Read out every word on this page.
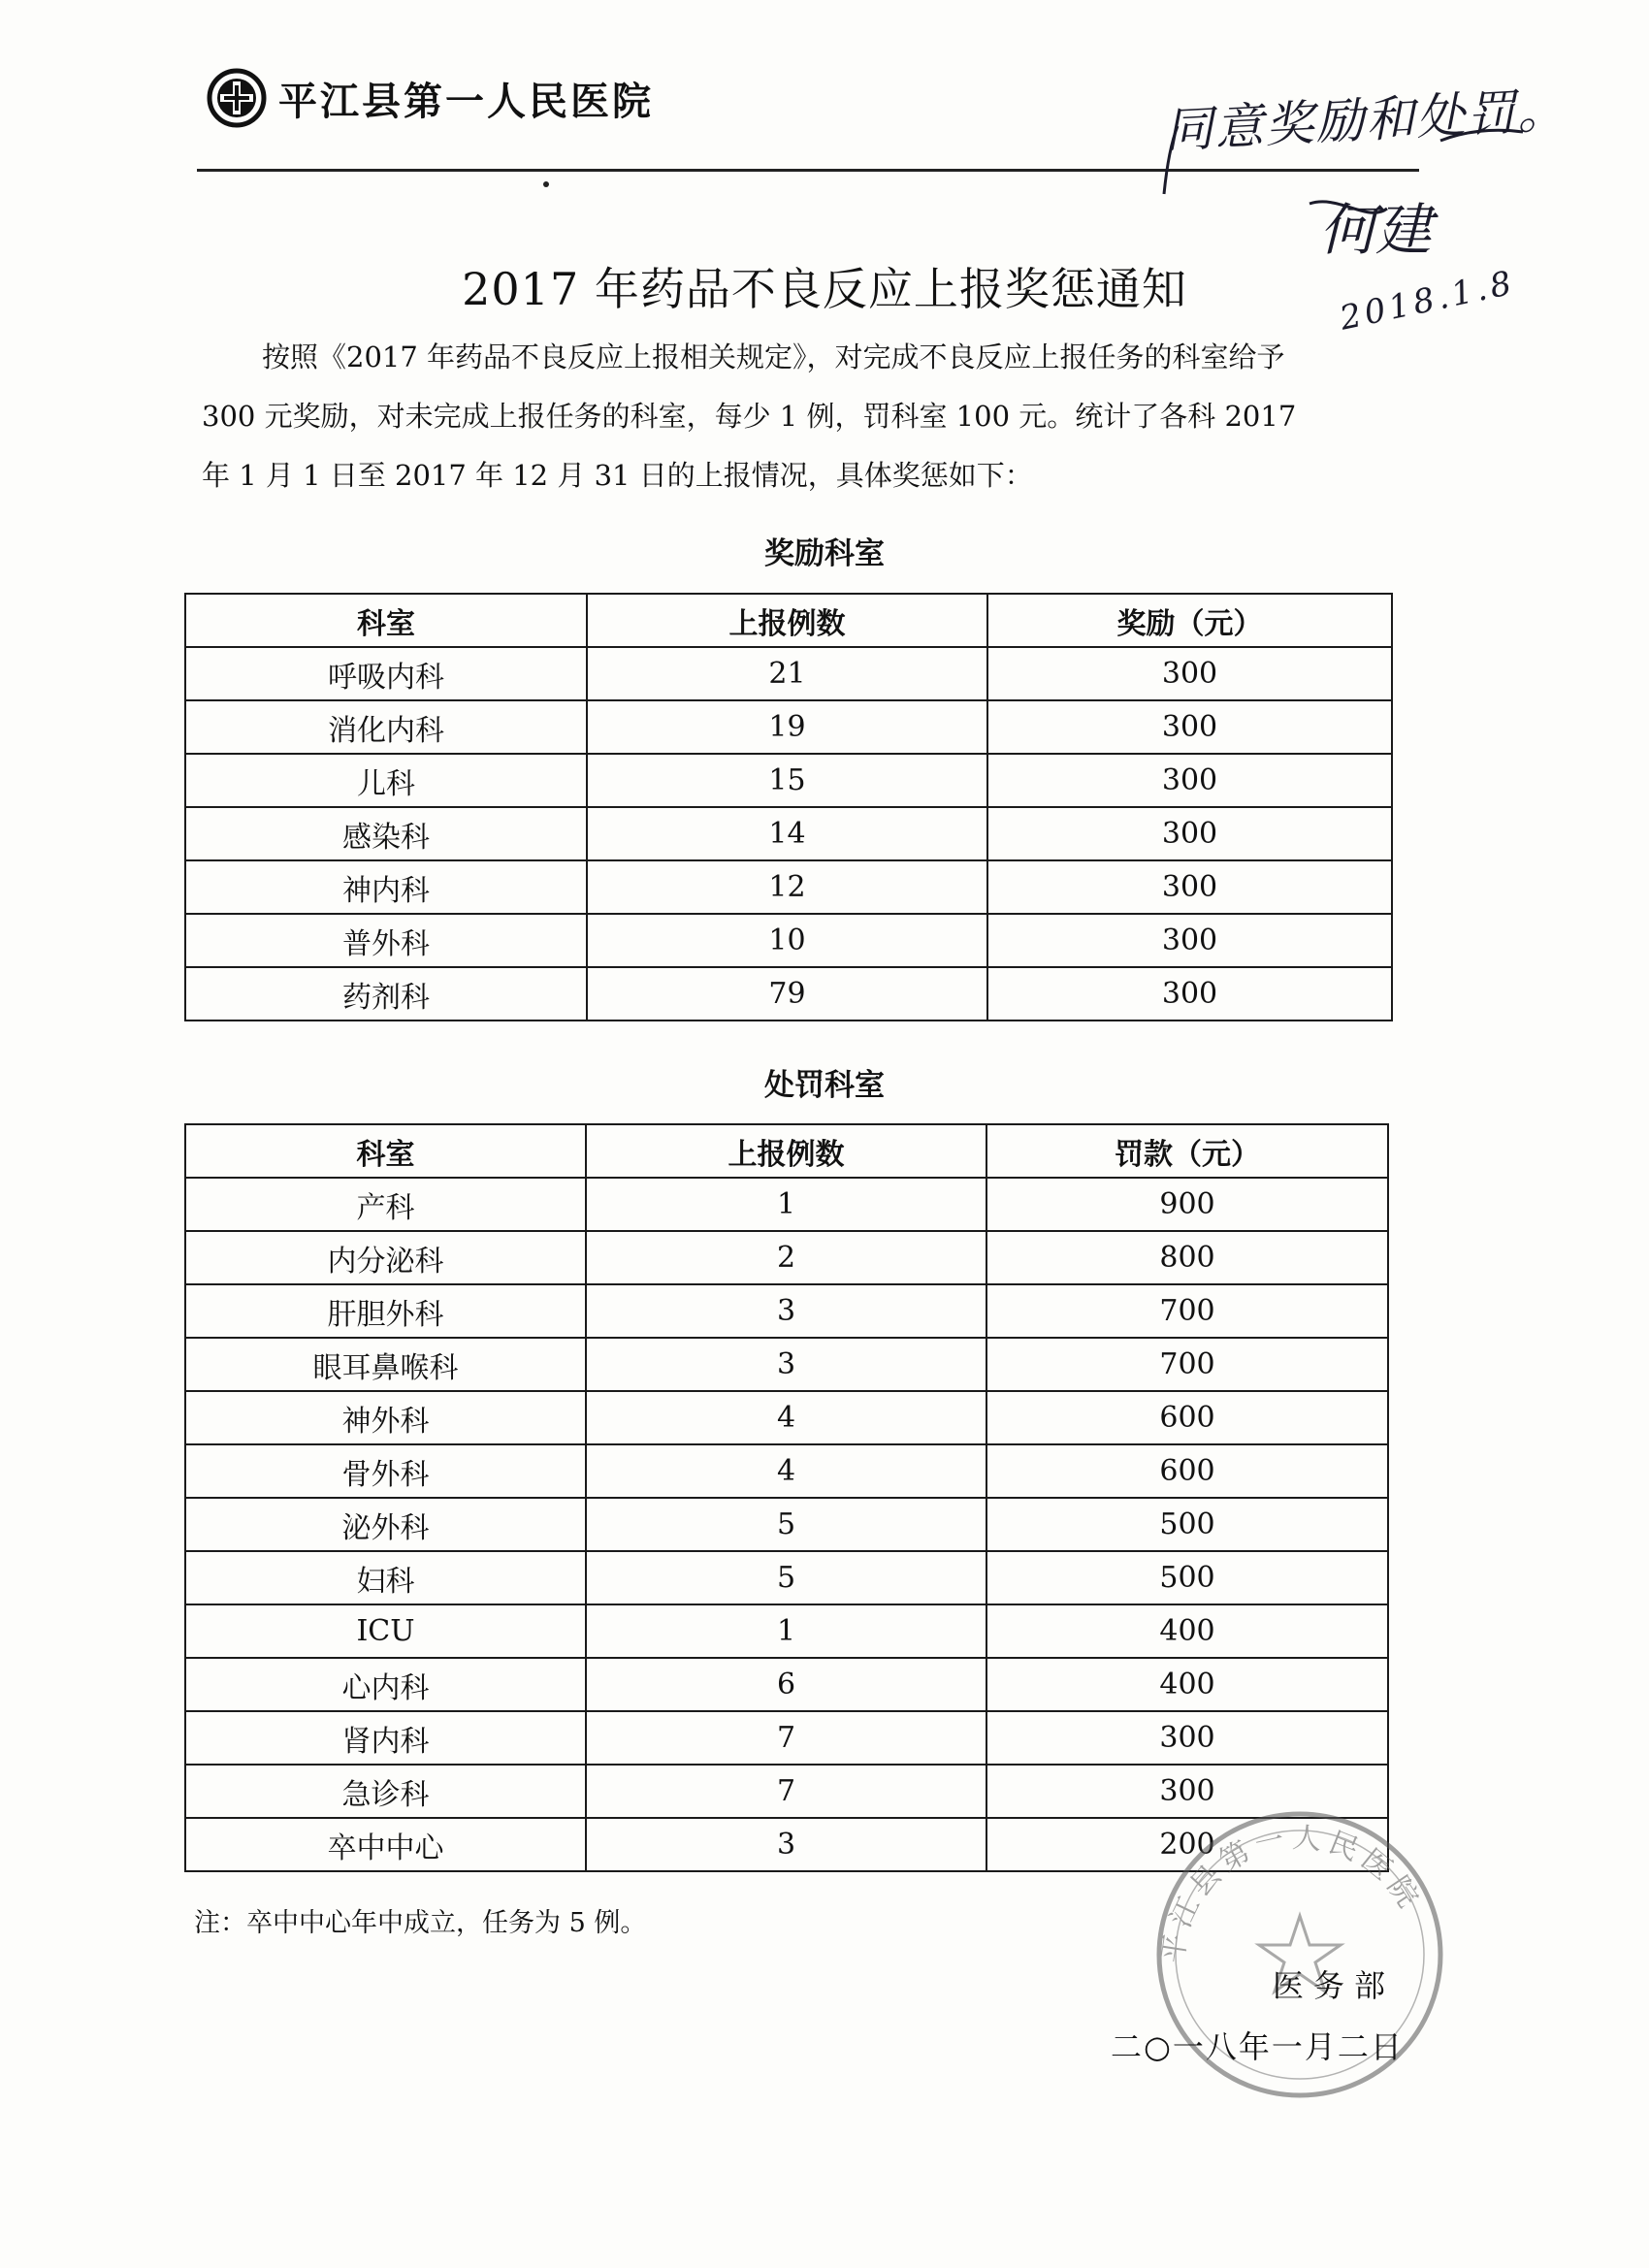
平江县第一人民医院	同意奖励和处罚。
何建
2018.1.8
2017 年药品不良反应上报奖惩通知
按照《2017 年药品不良反应上报相关规定》，对完成不良反应上报任务的科室给予
300 元奖励，对未完成上报任务的科室，每少 1 例，罚科室 100 元。统计了各科 2017
年 1 月 1 日至 2017 年 12 月 31 日的上报情况，具体奖惩如下：
奖励科室
科室	上报例数	奖励（元）
呼吸内科	21	300
消化内科	19	300
儿科	15	300
感染科	14	300
神内科	12	300
普外科	10	300
药剂科	79	300
处罚科室
科室	上报例数	罚款（元）
产科	1	900
内分泌科	2	800
肝胆外科	3	700
眼耳鼻喉科	3	700
神外科	4	600
骨外科	4	600
泌外科	5	500
妇科	5	500
ICU	1	400
心内科	6	400
肾内科	7	300
急诊科	7	300
卒中中心	3	200
注：卒中中心年中成立，任务为 5 例。
平江县第一人民医院
医务部
二○一八年一月二日
